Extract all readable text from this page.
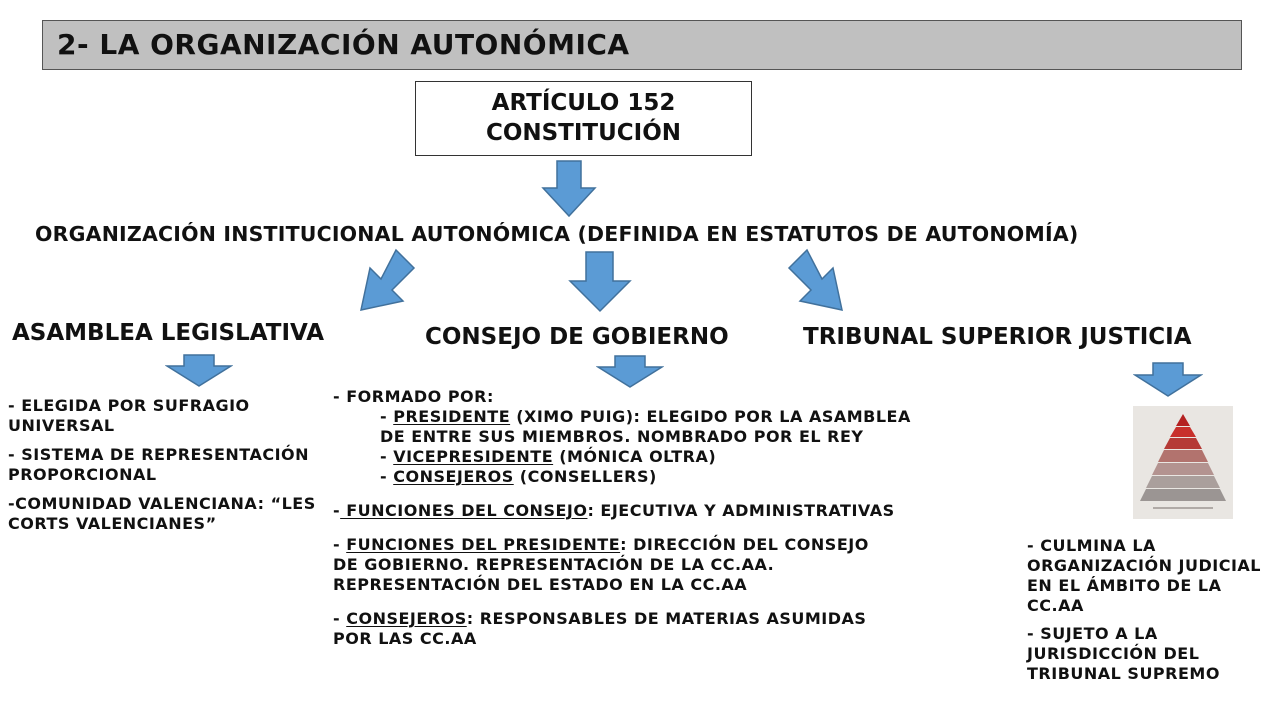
2- LA ORGANIZACIÓN AUTONÓMICA
ARTÍCULO 152
CONSTITUCIÓN
ORGANIZACIÓN INSTITUCIONAL AUTONÓMICA (DEFINIDA EN ESTATUTOS DE AUTONOMÍA)
ASAMBLEA LEGISLATIVA	CONSEJO DE GOBIERNO	TRIBUNAL SUPERIOR JUSTICIA

- ELEGIDA POR SUFRAGIO UNIVERSAL

- SISTEMA DE REPRESENTACIÓN PROPORCIONAL

-COMUNIDAD VALENCIANA: “LES CORTS VALENCIANES”

- FORMADO POR:

- PRESIDENTE (XIMO PUIG): ELEGIDO POR LA ASAMBLEA

DE ENTRE SUS MIEMBROS. NOMBRADO POR EL REY

- VICEPRESIDENTE (MÓNICA OLTRA)

- CONSEJEROS (CONSELLERS)

- FUNCIONES DEL CONSEJO: EJECUTIVA Y ADMINISTRATIVAS

- FUNCIONES DEL PRESIDENTE: DIRECCIÓN DEL CONSEJO

DE GOBIERNO. REPRESENTACIÓN DE LA CC.AA.

REPRESENTACIÓN DEL ESTADO EN LA CC.AA

- CONSEJEROS: RESPONSABLES DE MATERIAS ASUMIDAS

POR LAS CC.AA

- CULMINA LA ORGANIZACIÓN JUDICIAL EN EL ÁMBITO DE LA CC.AA

- SUJETO A LA JURISDICCIÓN DEL TRIBUNAL SUPREMO
